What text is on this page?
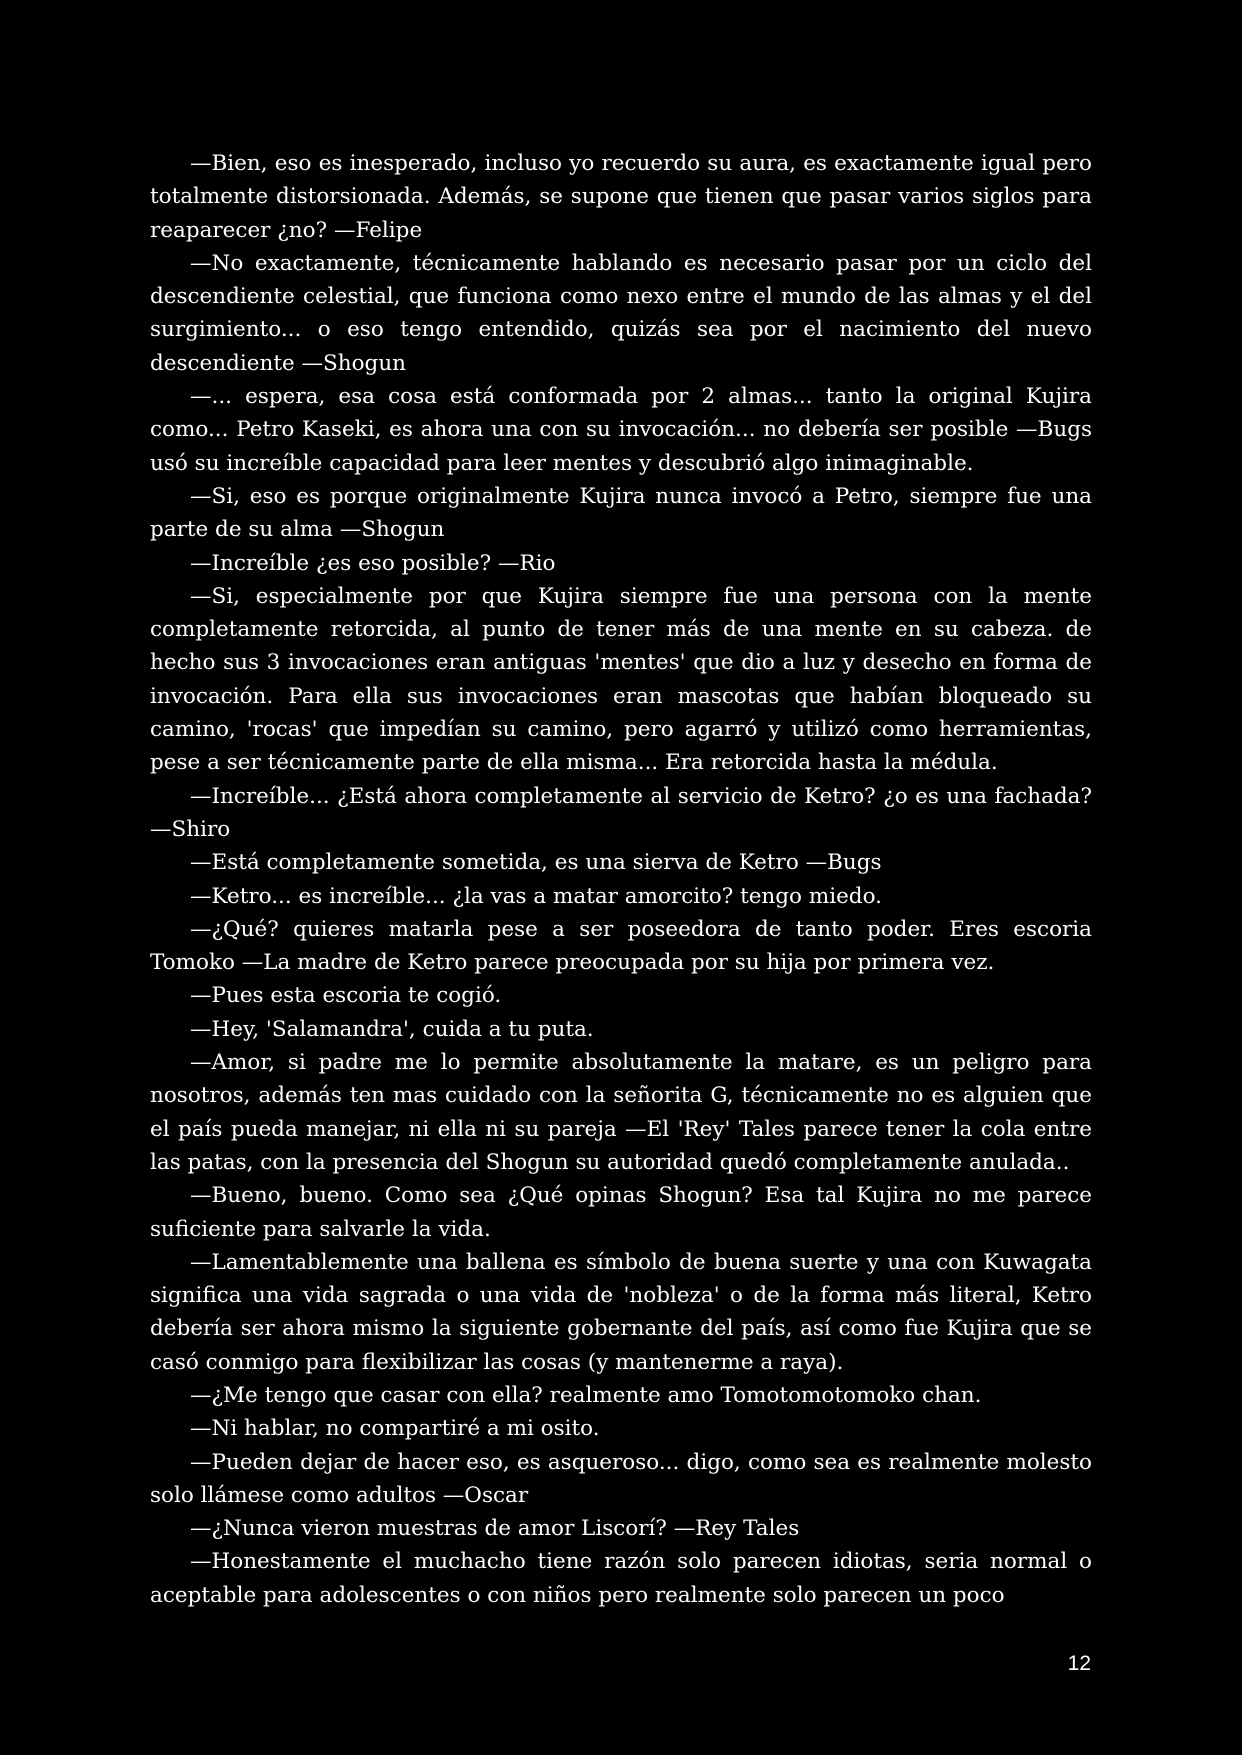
—Bien, eso es inesperado, incluso yo recuerdo su aura, es exactamente igual pero totalmente distorsionada. Además, se supone que tienen que pasar varios siglos para reaparecer ¿no? —Felipe

—No exactamente, técnicamente hablando es necesario pasar por un ciclo del descendiente celestial, que funciona como nexo entre el mundo de las almas y el del surgimiento... o eso tengo entendido, quizás sea por el nacimiento del nuevo descendiente —Shogun

—... espera, esa cosa está conformada por 2 almas... tanto la original Kujira como... Petro Kaseki, es ahora una con su invocación... no debería ser posible —Bugs usó su increíble capacidad para leer mentes y descubrió algo inimaginable.

—Si, eso es porque originalmente Kujira nunca invocó a Petro, siempre fue una parte de su alma —Shogun

—Increíble ¿es eso posible? —Rio

—Si, especialmente por que Kujira siempre fue una persona con la mente completamente retorcida, al punto de tener más de una mente en su cabeza. de hecho sus 3 invocaciones eran antiguas 'mentes' que dio a luz y desecho en forma de invocación. Para ella sus invocaciones eran mascotas que habían bloqueado su camino, 'rocas' que impedían su camino, pero agarró y utilizó como herramientas, pese a ser técnicamente parte de ella misma... Era retorcida hasta la médula.

—Increíble... ¿Está ahora completamente al servicio de Ketro? ¿o es una fachada? —Shiro

—Está completamente sometida, es una sierva de Ketro —Bugs

—Ketro... es increíble... ¿la vas a matar amorcito? tengo miedo.

—¿Qué? quieres matarla pese a ser poseedora de tanto poder. Eres escoria Tomoko —La madre de Ketro parece preocupada por su hija por primera vez.

—Pues esta escoria te cogió.

—Hey, 'Salamandra', cuida a tu puta.

—Amor, si padre me lo permite absolutamente la matare, es un peligro para nosotros, además ten mas cuidado con la señorita G, técnicamente no es alguien que el país pueda manejar, ni ella ni su pareja —El 'Rey' Tales parece tener la cola entre las patas, con la presencia del Shogun su autoridad quedó completamente anulada..

—Bueno, bueno. Como sea ¿Qué opinas Shogun? Esa tal Kujira no me parece suficiente para salvarle la vida.

—Lamentablemente una ballena es símbolo de buena suerte y una con Kuwagata significa una vida sagrada o una vida de 'nobleza' o de la forma más literal, Ketro debería ser ahora mismo la siguiente gobernante del país, así como fue Kujira que se casó conmigo para flexibilizar las cosas (y mantenerme a raya).

—¿Me tengo que casar con ella? realmente amo Tomotomotomoko chan.

—Ni hablar, no compartiré a mi osito.

—Pueden dejar de hacer eso, es asqueroso... digo, como sea es realmente molesto solo llámese como adultos —Oscar

—¿Nunca vieron muestras de amor Liscorí? —Rey Tales

—Honestamente el muchacho tiene razón solo parecen idiotas, seria normal o aceptable para adolescentes o con niños pero realmente solo parecen un poco

12
